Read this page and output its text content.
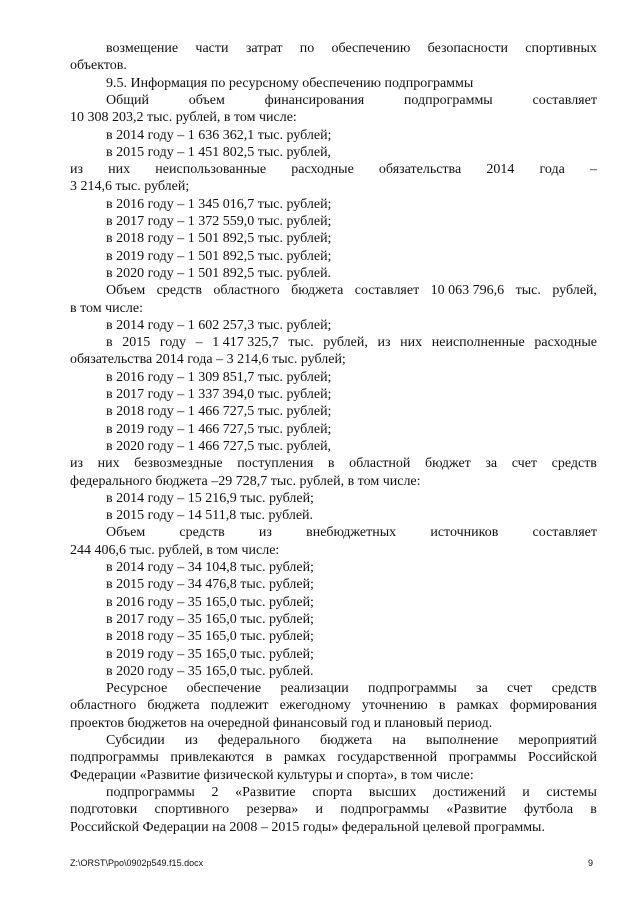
возмещение части затрат по обеспечению безопасности спортивных
объектов.
9.5. Информация по ресурсному обеспечению подпрограммы
Общий	объем	финансирования	подпрограммы	составляет
10 308 203,2 тыс. рублей, в том числе:
в 2014 году – 1 636 362,1 тыс. рублей;
в 2015 году – 1 451 802,5 тыс. рублей,
из них неиспользованные расходные обязательства 2014 года –
3 214,6 тыс. рублей;
в 2016 году – 1 345 016,7 тыс. рублей;
в 2017 году – 1 372 559,0 тыс. рублей;
в 2018 году – 1 501 892,5 тыс. рублей;
в 2019 году – 1 501 892,5 тыс. рублей;
в 2020 году – 1 501 892,5 тыс. рублей.
Объем средств областного бюджета составляет 10 063 796,6 тыс. рублей,
в том числе:
в 2014 году – 1 602 257,3 тыс. рублей;
в 2015 году – 1 417 325,7 тыс. рублей, из них неисполненные расходные
обязательства 2014 года – 3 214,6 тыс. рублей;
в 2016 году – 1 309 851,7 тыс. рублей;
в 2017 году – 1 337 394,0 тыс. рублей;
в 2018 году – 1 466 727,5 тыс. рублей;
в 2019 году – 1 466 727,5 тыс. рублей;
в 2020 году – 1 466 727,5 тыс. рублей,
из них безвозмездные поступления в областной бюджет за счет средств
федерального бюджета –29 728,7 тыс. рублей, в том числе:
в 2014 году – 15 216,9 тыс. рублей;
в 2015 году – 14 511,8 тыс. рублей.
Объем средств из внебюджетных источников составляет
244 406,6 тыс. рублей, в том числе:
в 2014 году – 34 104,8 тыс. рублей;
в 2015 году – 34 476,8 тыс. рублей;
в 2016 году – 35 165,0 тыс. рублей;
в 2017 году – 35 165,0 тыс. рублей;
в 2018 году – 35 165,0 тыс. рублей;
в 2019 году – 35 165,0 тыс. рублей;
в 2020 году – 35 165,0 тыс. рублей.
Ресурсное обеспечение реализации подпрограммы за счет средств
областного бюджета подлежит ежегодному уточнению в рамках формирования
проектов бюджетов на очередной финансовый год и плановый период.
Субсидии из федерального бюджета на выполнение мероприятий
подпрограммы привлекаются в рамках государственной программы Российской
Федерации «Развитие физической культуры и спорта», в том числе:
подпрограммы 2 «Развитие спорта высших достижений и системы
подготовки спортивного резерва» и подпрограммы «Развитие футбола в
Российской Федерации на 2008 – 2015 годы» федеральной целевой программы.
Z:\ORST\Ppo\0902p549.f15.docx	9
